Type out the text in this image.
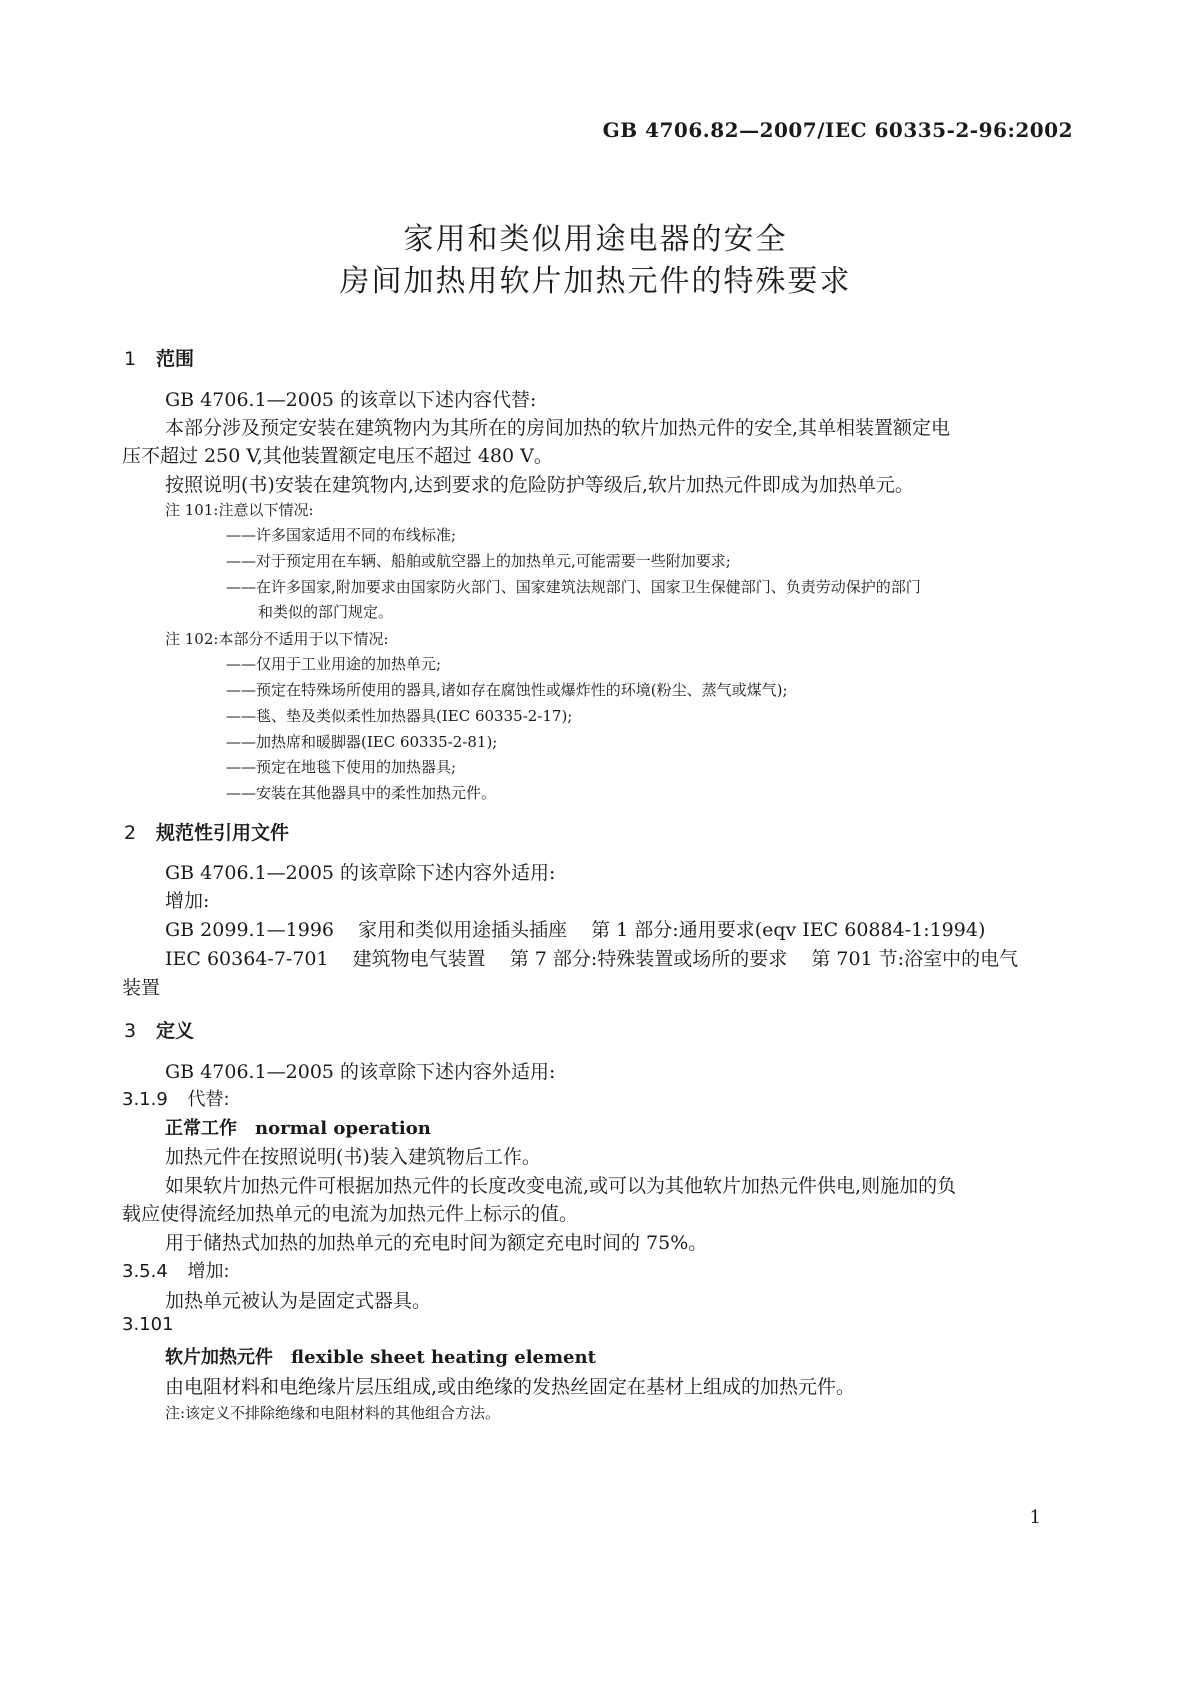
GB 4706.82—2007/IEC 60335-2-96:2002
家用和类似用途电器的安全
房间加热用软片加热元件的特殊要求
1 范围
GB 4706.1—2005 的该章以下述内容代替:
本部分涉及预定安装在建筑物内为其所在的房间加热的软片加热元件的安全,其单相装置额定电
压不超过 250 V,其他装置额定电压不超过 480 V。
按照说明(书)安装在建筑物内,达到要求的危险防护等级后,软片加热元件即成为加热单元。
注 101:注意以下情况:
——许多国家适用不同的布线标准;
——对于预定用在车辆、船舶或航空器上的加热单元,可能需要一些附加要求;
——在许多国家,附加要求由国家防火部门、国家建筑法规部门、国家卫生保健部门、负责劳动保护的部门
和类似的部门规定。
注 102:本部分不适用于以下情况:
——仅用于工业用途的加热单元;
——预定在特殊场所使用的器具,诸如存在腐蚀性或爆炸性的环境(粉尘、蒸气或煤气);
——毯、垫及类似柔性加热器具(IEC 60335-2-17);
——加热席和暖脚器(IEC 60335-2-81);
——预定在地毯下使用的加热器具;
——安装在其他器具中的柔性加热元件。
2 规范性引用文件
GB 4706.1—2005 的该章除下述内容外适用:
增加:
GB 2099.1—1996 家用和类似用途插头插座 第 1 部分:通用要求(eqv IEC 60884-1:1994)
IEC 60364-7-701 建筑物电气装置 第 7 部分:特殊装置或场所的要求 第 701 节:浴室中的电气
装置
3 定义
GB 4706.1—2005 的该章除下述内容外适用:
3.1.9 代替:
正常工作 normal operation
加热元件在按照说明(书)装入建筑物后工作。
如果软片加热元件可根据加热元件的长度改变电流,或可以为其他软片加热元件供电,则施加的负
载应使得流经加热单元的电流为加热元件上标示的值。
用于储热式加热的加热单元的充电时间为额定充电时间的 75%。
3.5.4 增加:
加热单元被认为是固定式器具。
3.101
软片加热元件 flexible sheet heating element
由电阻材料和电绝缘片层压组成,或由绝缘的发热丝固定在基材上组成的加热元件。
注:该定义不排除绝缘和电阻材料的其他组合方法。
1
